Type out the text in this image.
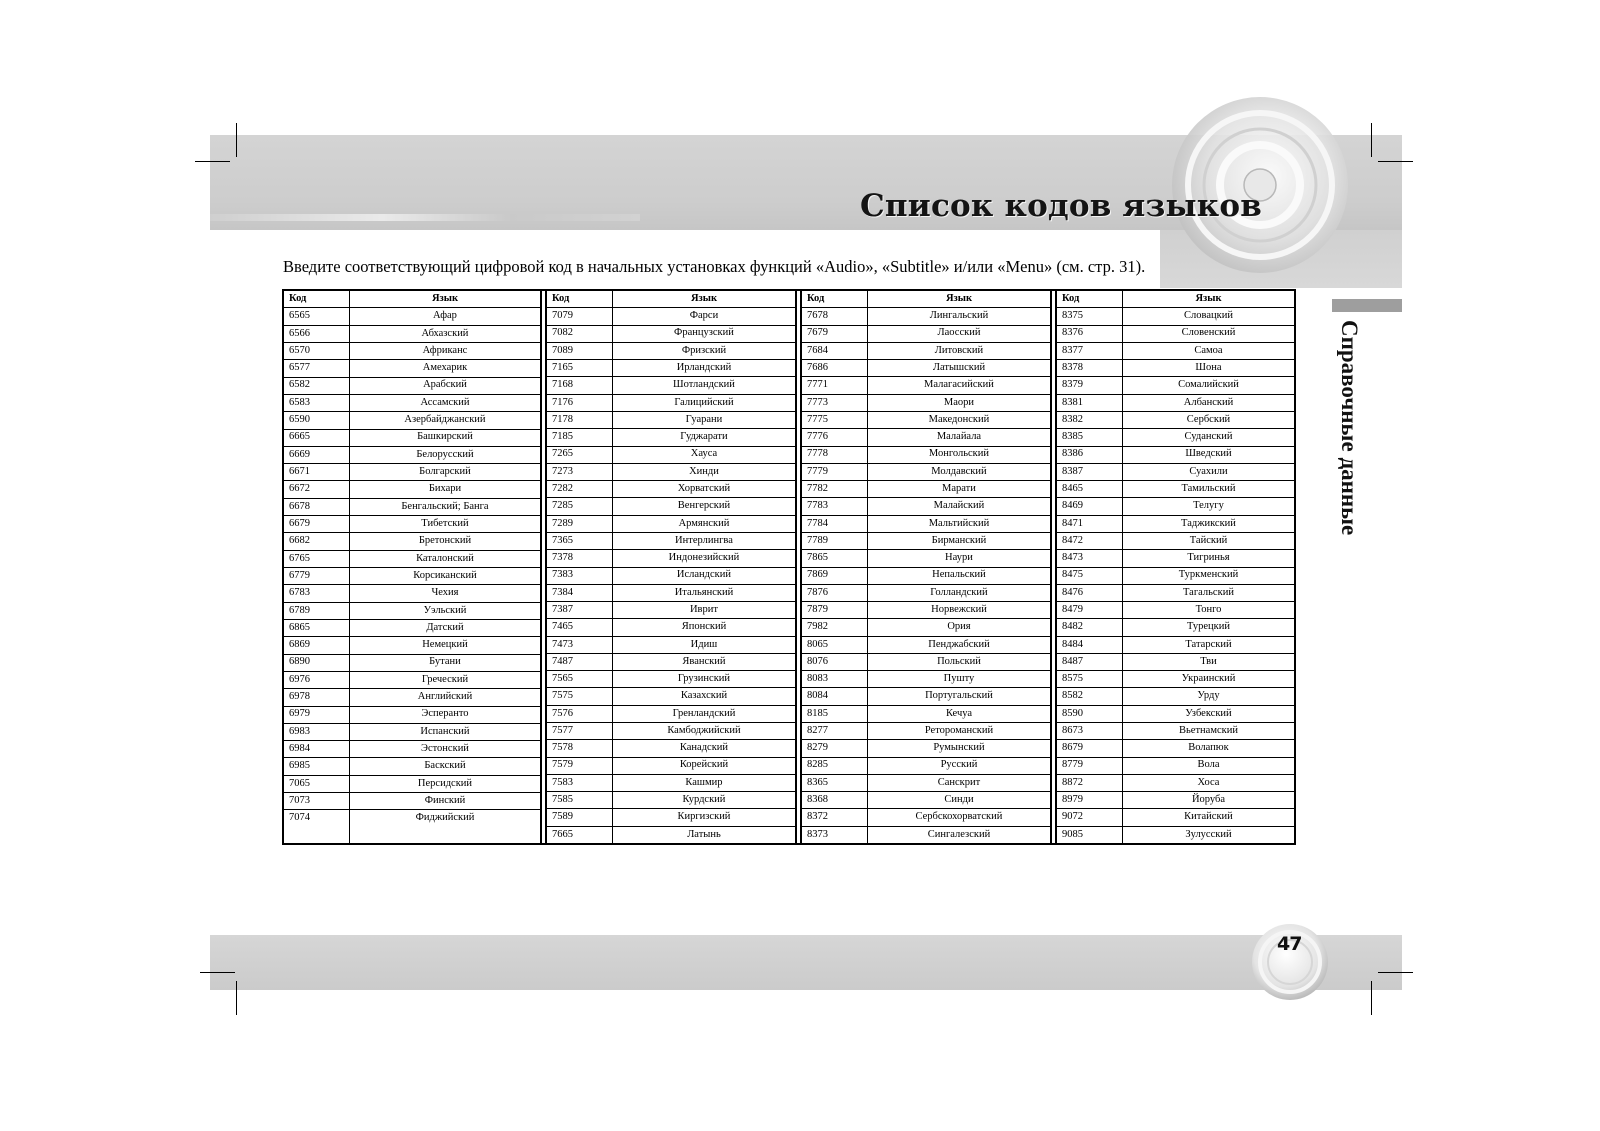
Список кодов языков
Введите соответствующий цифровой код в начальных установках функций «Audio», «Subtitle» и/или «Menu» (см. стр. 31).
Справочные данные
Код	Язык
6565	Афар
6566	Абхазский
6570	Африканс
6577	Амехарик
6582	Арабский
6583	Ассамский
6590	Азербайджанский
6665	Башкирский
6669	Белорусский
6671	Болгарский
6672	Бихари
6678	Бенгальский; Банга
6679	Тибетский
6682	Бретонский
6765	Каталонский
6779	Корсиканский
6783	Чехия
6789	Уэльский
6865	Датский
6869	Немецкий
6890	Бутани
6976	Греческий
6978	Английский
6979	Эсперанто
6983	Испанский
6984	Эстонский
6985	Баскский
7065	Персидский
7073	Финский
7074	Фиджийский
Код	Язык
7079	Фарси
7082	Французский
7089	Фризский
7165	Ирландский
7168	Шотландский
7176	Галицийский
7178	Гуарани
7185	Гуджарати
7265	Хауса
7273	Хинди
7282	Хорватский
7285	Венгерский
7289	Армянский
7365	Интерлингва
7378	Индонезийский
7383	Исландский
7384	Итальянский
7387	Иврит
7465	Японский
7473	Идиш
7487	Яванский
7565	Грузинский
7575	Казахский
7576	Гренландский
7577	Камбоджийский
7578	Канадский
7579	Корейский
7583	Кашмир
7585	Курдский
7589	Киргизский
7665	Латынь
Код	Язык
7678	Лингальский
7679	Лаосский
7684	Литовский
7686	Латышский
7771	Малагасийский
7773	Маори
7775	Македонский
7776	Малайала
7778	Монгольский
7779	Молдавский
7782	Марати
7783	Малайский
7784	Мальтийский
7789	Бирманский
7865	Наури
7869	Непальский
7876	Голландский
7879	Норвежский
7982	Ория
8065	Пенджабский
8076	Польский
8083	Пушту
8084	Португальский
8185	Кечуа
8277	Ретороманский
8279	Румынский
8285	Русский
8365	Санскрит
8368	Синди
8372	Сербскохорватский
8373	Сингалезский
Код	Язык
8375	Словацкий
8376	Словенский
8377	Самоа
8378	Шона
8379	Сомалийский
8381	Албанский
8382	Сербский
8385	Суданский
8386	Шведский
8387	Суахили
8465	Тамильский
8469	Телугу
8471	Таджикский
8472	Тайский
8473	Тигринья
8475	Туркменский
8476	Тагальский
8479	Тонго
8482	Турецкий
8484	Татарский
8487	Тви
8575	Украинский
8582	Урду
8590	Узбекский
8673	Вьетнамский
8679	Волапюк
8779	Вола
8872	Хоса
8979	Йоруба
9072	Китайский
9085	Зулусский
47
